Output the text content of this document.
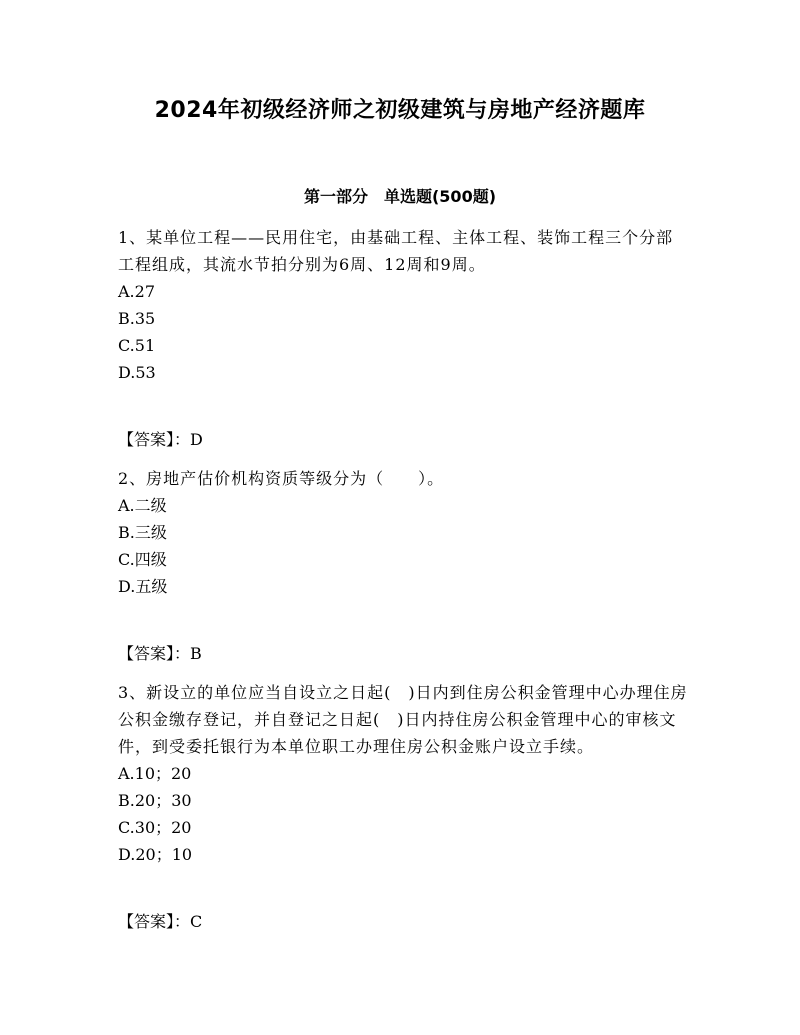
2024年初级经济师之初级建筑与房地产经济题库
第一部分　单选题(500题)

1、某单位工程——民用住宅，由基础工程、主体工程、装饰工程三个分部工程组成，其流水节拍分别为6周、12周和9周。

A.27
B.35
C.51
D.53
【答案】：D

2、房地产估价机构资质等级分为（　　）。

A.二级
B.三级
C.四级
D.五级
【答案】：B

3、新设立的单位应当自设立之日起(　)日内到住房公积金管理中心办理住房公积金缴存登记，并自登记之日起(　)日内持住房公积金管理中心的审核文件，到受委托银行为本单位职工办理住房公积金账户设立手续。

A.10；20
B.20；30
C.30；20
D.20；10
【答案】：C
